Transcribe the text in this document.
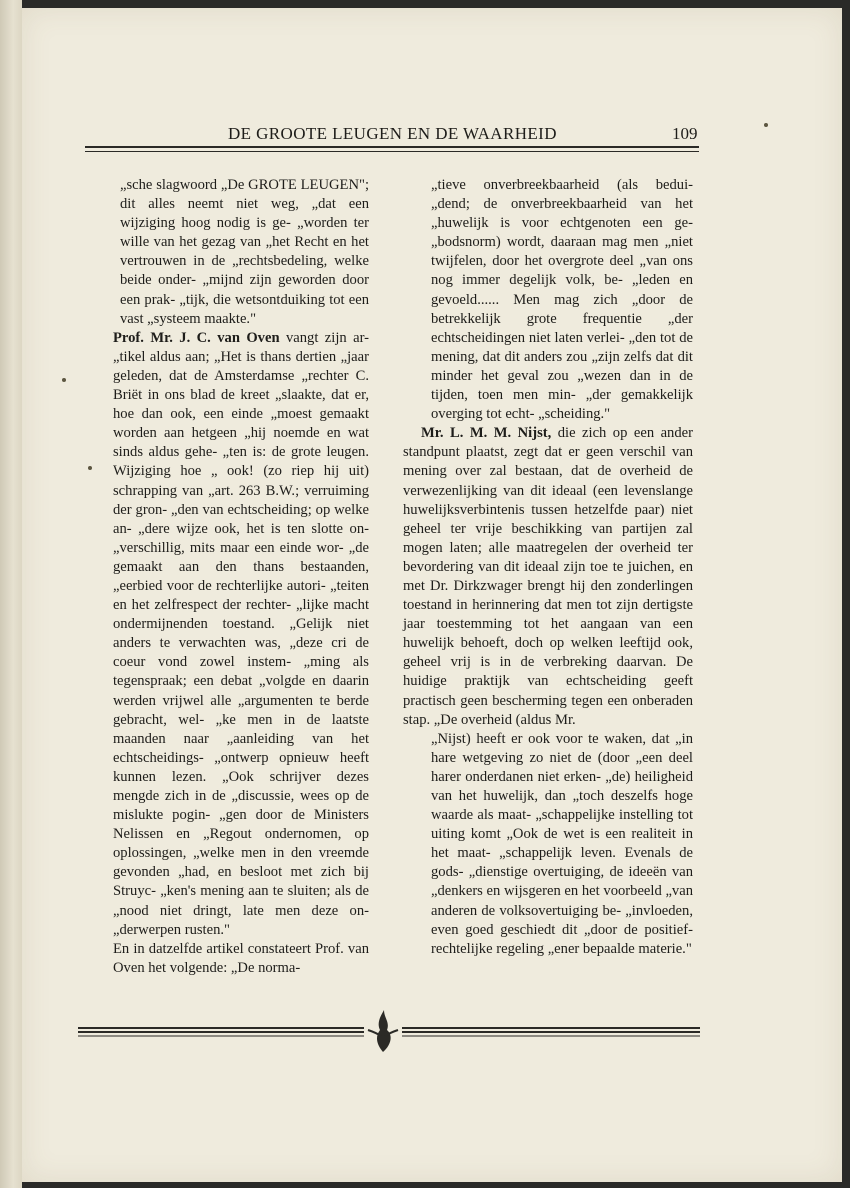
DE GROOTE LEUGEN EN DE WAARHEID	109

„sche slagwoord „De GROTE LEUGEN"; dit alles neemt niet weg, „dat een wijziging hoog nodig is ge- „worden ter wille van het gezag van „het Recht en het vertrouwen in de „rechtsbedeling, welke beide onder- „mijnd zijn geworden door een prak- „tijk, die wetsontduiking tot een vast „systeem maakte."

Prof. Mr. J. C. van Oven vangt zijn ar- „tikel aldus aan; „Het is thans dertien „jaar geleden, dat de Amsterdamse „rechter C. Briët in ons blad de kreet „slaakte, dat er, hoe dan ook, een einde „moest gemaakt worden aan hetgeen „hij noemde en wat sinds aldus gehe- „ten is: de grote leugen. Wijziging hoe „ ook! (zo riep hij uit) schrapping van „art. 263 B.W.; verruiming der gron- „den van echtscheiding; op welke an- „dere wijze ook, het is ten slotte on- „verschillig, mits maar een einde wor- „de gemaakt aan den thans bestaanden, „eerbied voor de rechterlijke autori- „teiten en het zelfrespect der rechter- „lijke macht ondermijnenden toestand. „Gelijk niet anders te verwachten was, „deze cri de coeur vond zowel instem- „ming als tegenspraak; een debat „volgde en daarin werden vrijwel alle „argumenten te berde gebracht, wel- „ke men in de laatste maanden naar „aanleiding van het echtscheidings- „ontwerp opnieuw heeft kunnen lezen. „Ook schrijver dezes mengde zich in de „discussie, wees op de mislukte pogin- „gen door de Ministers Nelissen en „Regout ondernomen, op oplossingen, „welke men in den vreemde gevonden „had, en besloot met zich bij Struyc- „ken's mening aan te sluiten; als de „nood niet dringt, late men deze on- „derwerpen rusten."

En in datzelfde artikel constateert Prof. van Oven het volgende: „De norma-

„tieve onverbreekbaarheid (als bedui- „dend; de onverbreekbaarheid van het „huwelijk is voor echtgenoten een ge- „bodsnorm) wordt, daaraan mag men „niet twijfelen, door het overgrote deel „van ons nog immer degelijk volk, be- „leden en gevoeld...... Men mag zich „door de betrekkelijk grote frequentie „der echtscheidingen niet laten verlei- „den tot de mening, dat dit anders zou „zijn zelfs dat dit minder het geval zou „wezen dan in de tijden, toen men min- „der gemakkelijk overging tot echt- „scheiding."

Mr. L. M. M. Nijst, die zich op een ander standpunt plaatst, zegt dat er geen verschil van mening over zal bestaan, dat de overheid de verwezenlijking van dit ideaal (een levenslange huwelijksverbintenis tussen hetzelfde paar) niet geheel ter vrije beschikking van partijen zal mogen laten; alle maatregelen der overheid ter bevordering van dit ideaal zijn toe te juichen, en met Dr. Dirkzwager brengt hij den zonderlingen toestand in herinnering dat men tot zijn dertigste jaar toestemming tot het aangaan van een huwelijk behoeft, doch op welken leeftijd ook, geheel vrij is in de verbreking daarvan. De huidige praktijk van echtscheiding geeft practisch geen bescherming tegen een onberaden stap. „De overheid (aldus Mr.

„Nijst) heeft er ook voor te waken, dat „in hare wetgeving zo niet de (door „een deel harer onderdanen niet erken- „de) heiligheid van het huwelijk, dan „toch deszelfs hoge waarde als maat- „schappelijke instelling tot uiting komt „Ook de wet is een realiteit in het maat- „schappelijk leven. Evenals de gods- „dienstige overtuiging, de ideeën van „denkers en wijsgeren en het voorbeeld „van anderen de volksovertuiging be- „invloeden, even goed geschiedt dit „door de positief-rechtelijke regeling „ener bepaalde materie."
